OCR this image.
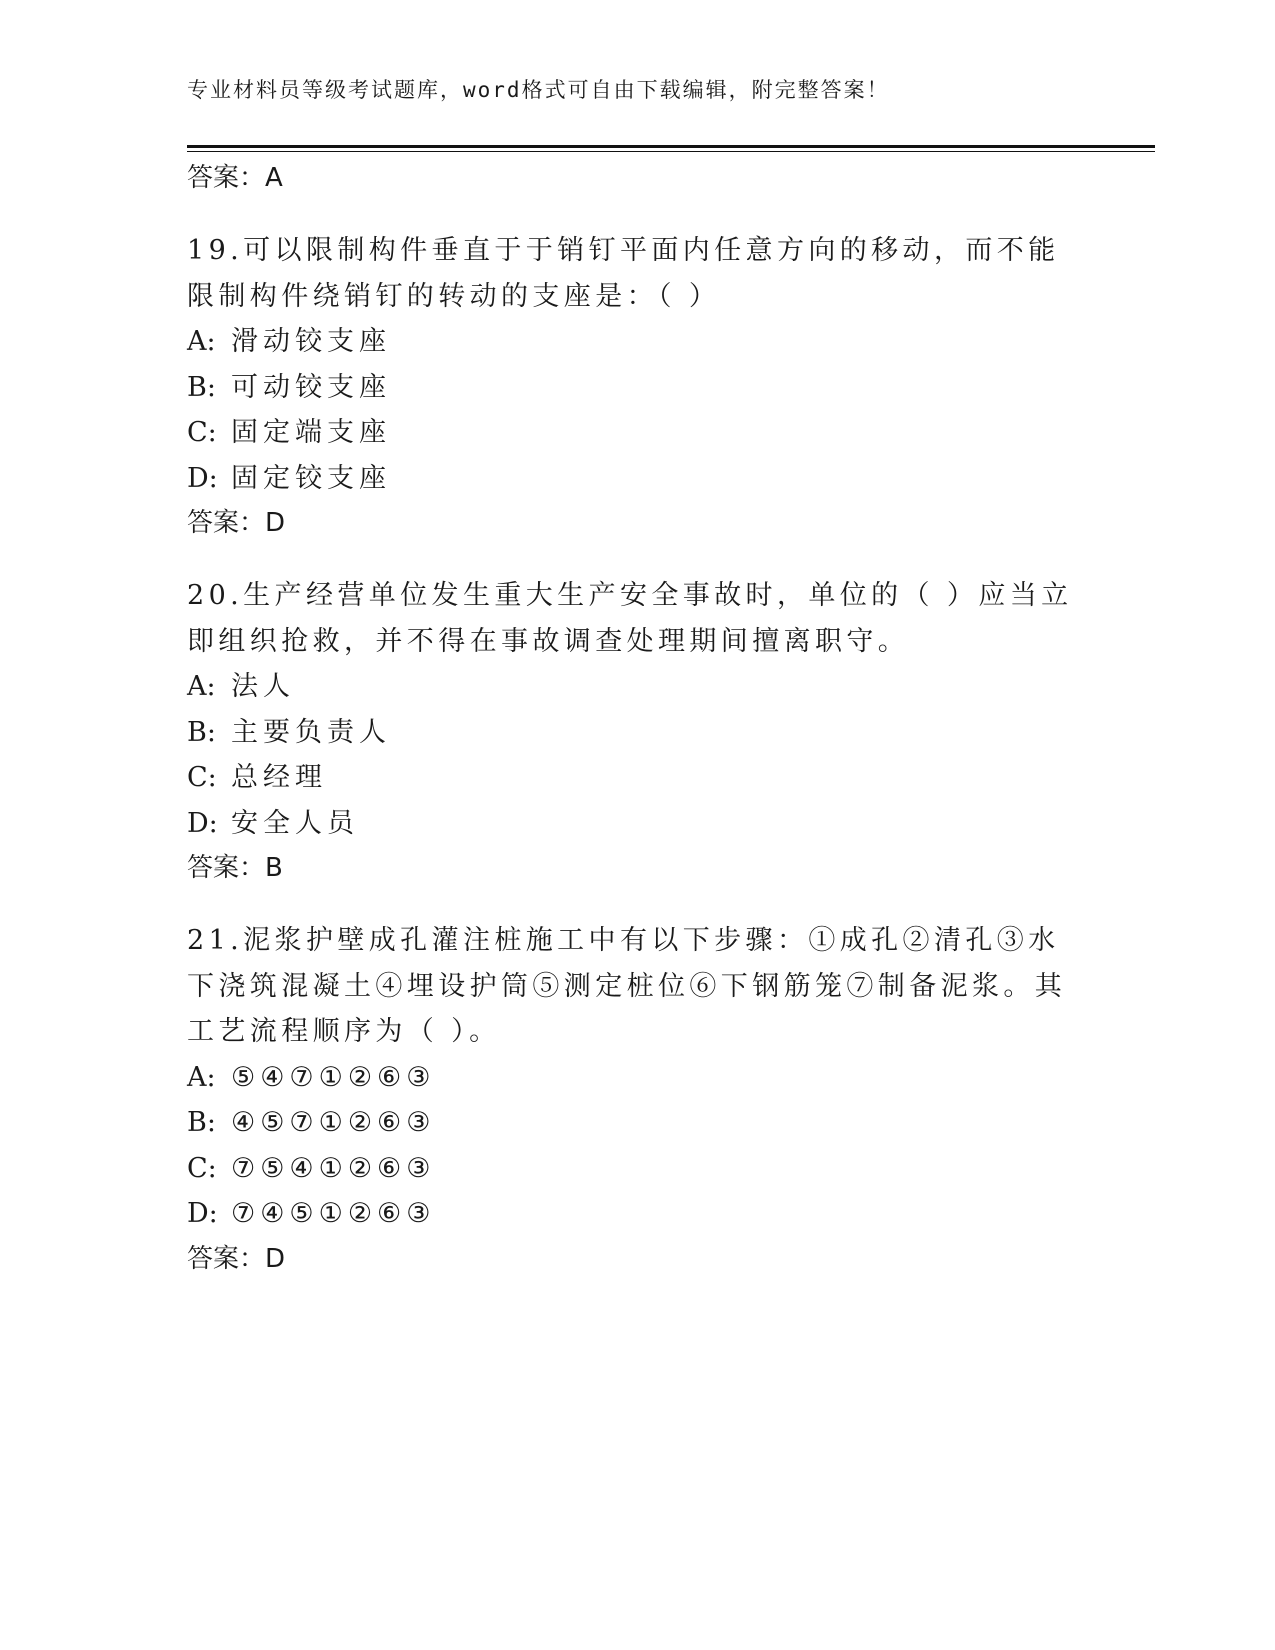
专业材料员等级考试题库，word格式可自由下载编辑，附完整答案！
答案：A
19.可以限制构件垂直于于销钉平面内任意方向的移动，而不能限制构件绕销钉的转动的支座是：（ ）
A: 滑动铰支座
B: 可动铰支座
C: 固定端支座
D: 固定铰支座
答案：D
20.生产经营单位发生重大生产安全事故时，单位的（ ）应当立即组织抢救，并不得在事故调查处理期间擅离职守。
A: 法人
B: 主要负责人
C: 总经理
D: 安全人员
答案：B
21.泥浆护壁成孔灌注桩施工中有以下步骤：①成孔②清孔③水下浇筑混凝土④埋设护筒⑤测定桩位⑥下钢筋笼⑦制备泥浆。其工艺流程顺序为（ ）。
A: ⑤④⑦①②⑥③
B: ④⑤⑦①②⑥③
C: ⑦⑤④①②⑥③
D: ⑦④⑤①②⑥③
答案：D
